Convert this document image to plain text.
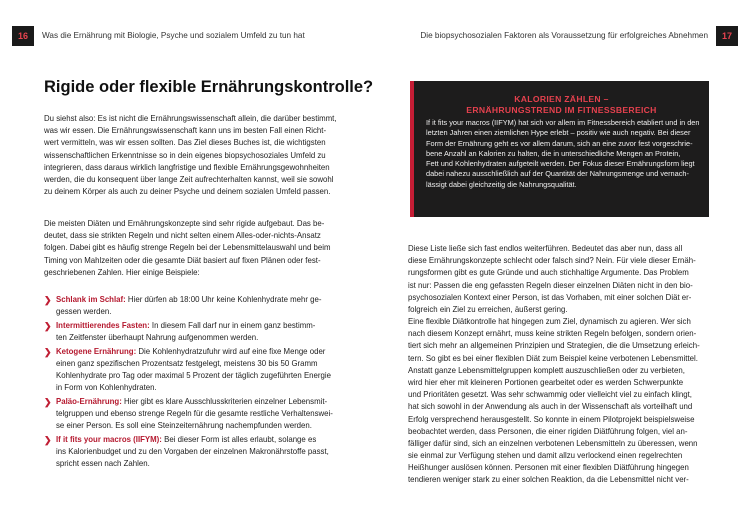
16	Was die Ernährung mit Biologie, Psyche und sozialem Umfeld zu tun hat
Rigide oder flexible Ernährungskontrolle?
Du siehst also: Es ist nicht die Ernährungswissenschaft allein, die darüber bestimmt,
was wir essen. Die Ernährungswissenschaft kann uns im besten Fall einen Richt-
wert vermitteln, was wir essen sollten. Das Ziel dieses Buches ist, die wichtigsten
wissenschaftlichen Erkenntnisse so in dein eigenes biopsychosoziales Umfeld zu
integrieren, dass daraus wirklich langfristige und flexible Ernährungsgewohnheiten
werden, die du konsequent über lange Zeit aufrechterhalten kannst, weil sie sowohl
zu deinem Körper als auch zu deiner Psyche und deinem sozialen Umfeld passen.
Die meisten Diäten und Ernährungskonzepte sind sehr rigide aufgebaut. Das be-
deutet, dass sie strikten Regeln und nicht selten einem Alles-oder-nichts-Ansatz
folgen. Dabei gibt es häufig strenge Regeln bei der Lebensmittelauswahl und beim
Timing von Mahlzeiten oder die gesamte Diät basiert auf fixen Plänen oder fest-
geschriebenen Zahlen. Hier einige Beispiele:
❯ Schlank im Schlaf: Hier dürfen ab 18:00 Uhr keine Kohlenhydrate mehr ge-
gessen werden.
❯ Intermittierendes Fasten: In diesem Fall darf nur in einem ganz bestimm-
ten Zeitfenster überhaupt Nahrung aufgenommen werden.
❯ Ketogene Ernährung: Die Kohlenhydratzufuhr wird auf eine fixe Menge oder
einen ganz spezifischen Prozentsatz festgelegt, meistens 30 bis 50 Gramm
Kohlenhydrate pro Tag oder maximal 5 Prozent der täglich zugeführten Energie
in Form von Kohlenhydraten.
❯ Paläo-Ernährung: Hier gibt es klare Ausschlusskriterien einzelner Lebensmit-
telgruppen und ebenso strenge Regeln für die gesamte restliche Verhaltenswei-
se einer Person. Es soll eine Steinzeiternährung nachempfunden werden.
❯ If it fits your macros (IIFYM): Bei dieser Form ist alles erlaubt, solange es
ins Kalorienbudget und zu den Vorgaben der einzelnen Makronährstoffe passt,
spricht essen nach Zahlen.
17
Die biopsychosozialen Faktoren als Voraussetzung für erfolgreiches Abnehmen
KALORIEN ZÄHLEN –
ERNÄHRUNGSTREND IM FITNESSBEREICH
If it fits your macros (IIFYM) hat sich vor allem im Fitnessbereich etabliert und in den
letzten Jahren einen ziemlichen Hype erlebt – positiv wie auch negativ. Bei dieser
Form der Ernährung geht es vor allem darum, sich an eine zuvor fest vorgeschrie-
bene Anzahl an Kalorien zu halten, die in unterschiedliche Mengen an Protein,
Fett und Kohlenhydraten aufgeteilt werden. Der Fokus dieser Ernährungsform liegt
dabei nahezu ausschließlich auf der Quantität der Nahrungsmenge und vernach-
lässigt dabei gleichzeitig die Nahrungsqualität.
Diese Liste ließe sich fast endlos weiterführen. Bedeutet das aber nun, dass all
diese Ernährungskonzepte schlecht oder falsch sind? Nein. Für viele dieser Ernäh-
rungsformen gibt es gute Gründe und auch stichhaltige Argumente. Das Problem
ist nur: Passen die eng gefassten Regeln dieser einzelnen Diäten nicht in den bio-
psychosozialen Kontext einer Person, ist das Vorhaben, mit einer solchen Diät er-
folgreich ein Ziel zu erreichen, äußerst gering.
Eine flexible Diätkontrolle hat hingegen zum Ziel, dynamisch zu agieren. Wer sich
nach diesem Konzept ernährt, muss keine strikten Regeln befolgen, sondern orien-
tiert sich mehr an allgemeinen Prinzipien und Strategien, die die Umsetzung erleich-
tern. So gibt es bei einer flexiblen Diät zum Beispiel keine verbotenen Lebensmittel.
Anstatt ganze Lebensmittelgruppen komplett auszuschließen oder zu verbieten,
wird hier eher mit kleineren Portionen gearbeitet oder es werden Schwerpunkte
und Prioritäten gesetzt. Was sehr schwammig oder vielleicht viel zu einfach klingt,
hat sich sowohl in der Anwendung als auch in der Wissenschaft als vorteilhaft und
Erfolg versprechend herausgestellt. So konnte in einem Pilotprojekt beispielsweise
beobachtet werden, dass Personen, die einer rigiden Diätführung folgen, viel an-
fälliger dafür sind, sich an einzelnen verbotenen Lebensmitteln zu überessen, wenn
sie einmal zur Verfügung stehen und damit allzu verlockend einen regelrechten
Heißhunger auslösen können. Personen mit einer flexiblen Diätführung hingegen
tendieren weniger stark zu einer solchen Reaktion, da die Lebensmittel nicht ver-
